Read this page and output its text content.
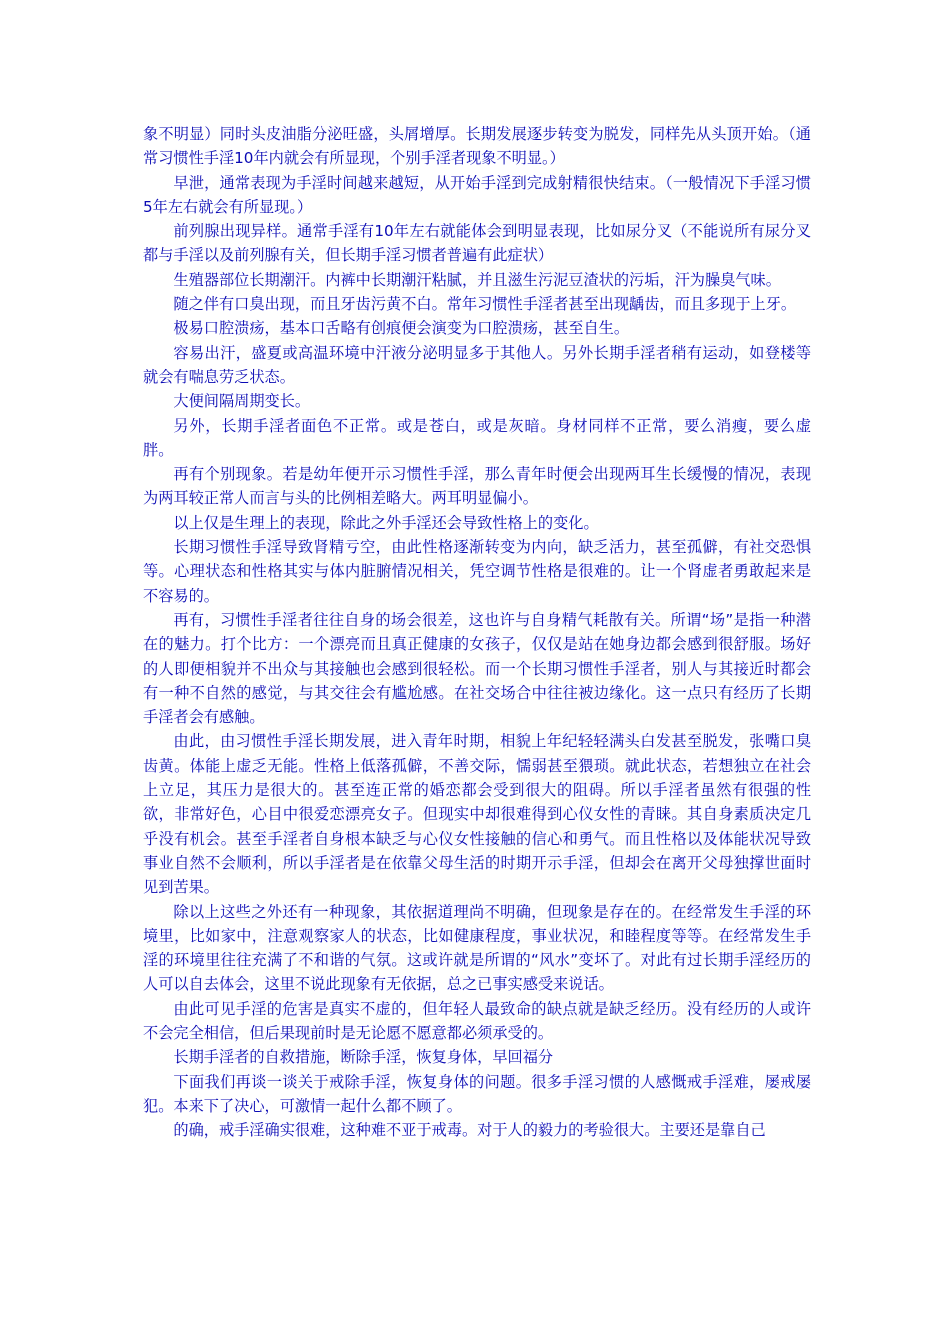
象不明显）同时头皮油脂分泌旺盛，头屑增厚。长期发展逐步转变为脱发，同样先从头顶开始。（通常习惯性手淫10年内就会有所显现，个别手淫者现象不明显。）

早泄，通常表现为手淫时间越来越短，从开始手淫到完成射精很快结束。（一般情况下手淫习惯5年左右就会有所显现。）

前列腺出现异样。通常手淫有10年左右就能体会到明显表现，比如尿分叉（不能说所有尿分叉都与手淫以及前列腺有关，但长期手淫习惯者普遍有此症状）

生殖器部位长期潮汗。内裤中长期潮汗粘腻，并且滋生污泥豆渣状的污垢，汗为臊臭气味。

随之伴有口臭出现，而且牙齿污黄不白。常年习惯性手淫者甚至出现龋齿，而且多现于上牙。

极易口腔溃疡，基本口舌略有创痕便会演变为口腔溃疡，甚至自生。

容易出汗，盛夏或高温环境中汗液分泌明显多于其他人。另外长期手淫者稍有运动，如登楼等就会有喘息劳乏状态。

大便间隔周期变长。

另外，长期手淫者面色不正常。或是苍白，或是灰暗。身材同样不正常，要么消瘦，要么虚胖。

再有个别现象。若是幼年便开示习惯性手淫，那么青年时便会出现两耳生长缓慢的情况，表现为两耳较正常人而言与头的比例相差略大。两耳明显偏小。

以上仅是生理上的表现，除此之外手淫还会导致性格上的变化。

长期习惯性手淫导致肾精亏空，由此性格逐渐转变为内向，缺乏活力，甚至孤僻，有社交恐惧等。心理状态和性格其实与体内脏腑情况相关，凭空调节性格是很难的。让一个肾虚者勇敢起来是不容易的。

再有，习惯性手淫者往往自身的场会很差，这也许与自身精气耗散有关。所谓“场”是指一种潜在的魅力。打个比方：一个漂亮而且真正健康的女孩子，仅仅是站在她身边都会感到很舒服。场好的人即便相貌并不出众与其接触也会感到很轻松。而一个长期习惯性手淫者，别人与其接近时都会有一种不自然的感觉，与其交往会有尴尬感。在社交场合中往往被边缘化。这一点只有经历了长期手淫者会有感触。

由此，由习惯性手淫长期发展，进入青年时期，相貌上年纪轻轻满头白发甚至脱发，张嘴口臭齿黄。体能上虚乏无能。性格上低落孤僻，不善交际，懦弱甚至猥琐。就此状态，若想独立在社会上立足，其压力是很大的。甚至连正常的婚恋都会受到很大的阻碍。所以手淫者虽然有很强的性欲，非常好色，心目中很爱恋漂亮女子。但现实中却很难得到心仪女性的青睐。其自身素质决定几乎没有机会。甚至手淫者自身根本缺乏与心仪女性接触的信心和勇气。而且性格以及体能状况导致事业自然不会顺利，所以手淫者是在依靠父母生活的时期开示手淫，但却会在离开父母独撑世面时见到苦果。

除以上这些之外还有一种现象，其依据道理尚不明确，但现象是存在的。在经常发生手淫的环境里，比如家中，注意观察家人的状态，比如健康程度，事业状况，和睦程度等等。在经常发生手淫的环境里往往充满了不和谐的气氛。这或许就是所谓的“风水”变坏了。对此有过长期手淫经历的人可以自去体会，这里不说此现象有无依据，总之已事实感受来说话。

由此可见手淫的危害是真实不虚的，但年轻人最致命的缺点就是缺乏经历。没有经历的人或许不会完全相信，但后果现前时是无论愿不愿意都必须承受的。

长期手淫者的自救措施，断除手淫，恢复身体，早回福分

下面我们再谈一谈关于戒除手淫，恢复身体的问题。很多手淫习惯的人感慨戒手淫难，屡戒屡犯。本来下了决心，可激情一起什么都不顾了。

的确，戒手淫确实很难，这种难不亚于戒毒。对于人的毅力的考验很大。主要还是靠自己
